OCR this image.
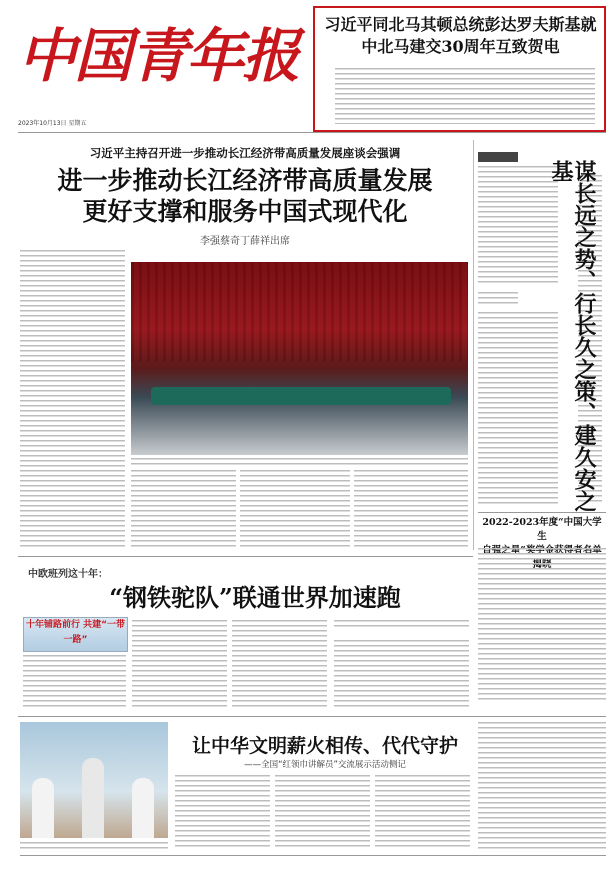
中国青年报	习近平同北马其顿总统彭达罗夫斯基就中北马建交30周年互致贺电
2023年10月13日 星期五
习近平主持召开进一步推动长江经济带高质量发展座谈会强调
进一步推动长江经济带高质量发展
更好支撑和服务中国式现代化
李强蔡奇丁薛祥出席	谋长远之势、行长久之策、建久安之基
2022-2023年度“中国大学生
自强之星”奖学金获得者名单揭晓
中欧班列这十年：
“钢铁驼队”联通世界加速跑
十年铺路前行 共建“一带一路”
让中华文明薪火相传、代代守护
——全国“红领巾讲解员”交流展示活动侧记
